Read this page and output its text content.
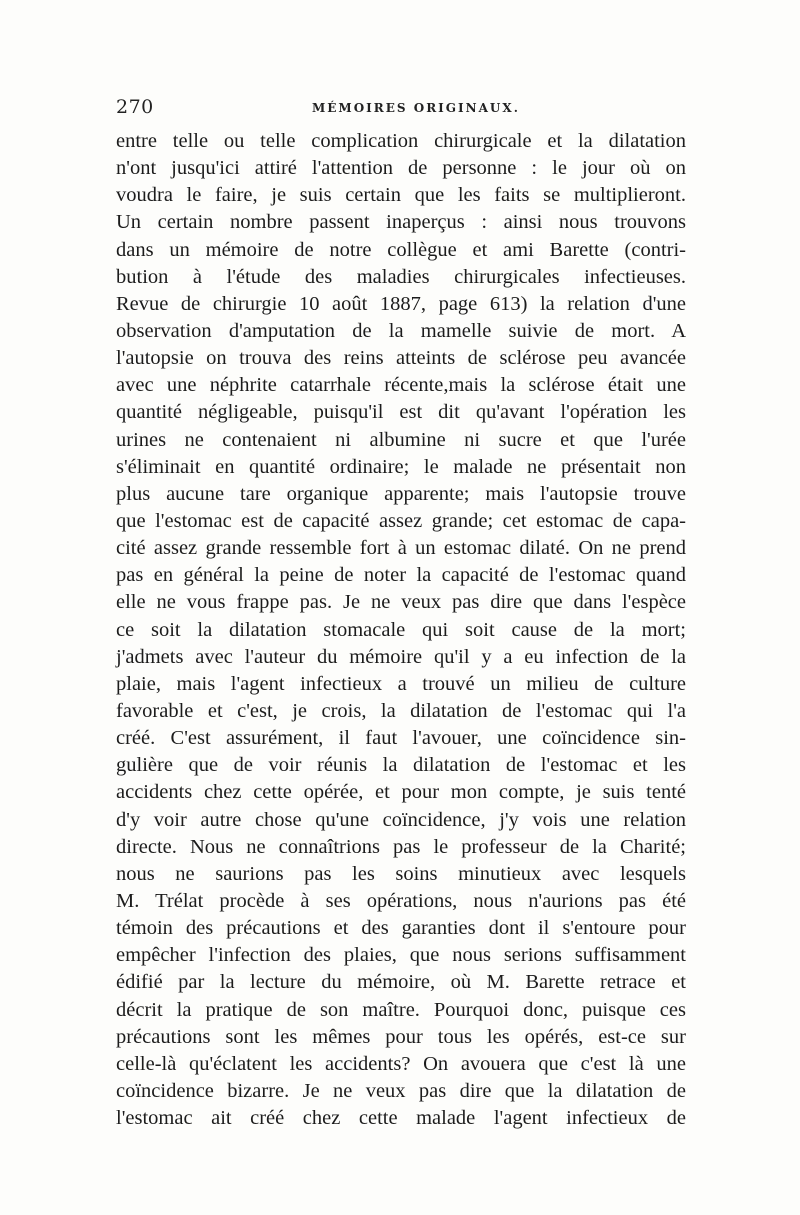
270	MÉMOIRES ORIGINAUX.
entre telle ou telle complication chirurgicale et la dilatation
n'ont jusqu'ici attiré l'attention de personne : le jour où on
voudra le faire, je suis certain que les faits se multiplieront.
Un certain nombre passent inaperçus : ainsi nous trouvons
dans un mémoire de notre collègue et ami Barette (contri-
bution à l'étude des maladies chirurgicales infectieuses.
Revue de chirurgie 10 août 1887, page 613) la relation d'une
observation d'amputation de la mamelle suivie de mort. A
l'autopsie on trouva des reins atteints de sclérose peu avancée
avec une néphrite catarrhale récente,mais la sclérose était une
quantité négligeable, puisqu'il est dit qu'avant l'opération les
urines ne contenaient ni albumine ni sucre et que l'urée
s'éliminait en quantité ordinaire; le malade ne présentait non
plus aucune tare organique apparente; mais l'autopsie trouve
que l'estomac est de capacité assez grande; cet estomac de capa-
cité assez grande ressemble fort à un estomac dilaté. On ne prend
pas en général la peine de noter la capacité de l'estomac quand
elle ne vous frappe pas. Je ne veux pas dire que dans l'espèce
ce soit la dilatation stomacale qui soit cause de la mort;
j'admets avec l'auteur du mémoire qu'il y a eu infection de la
plaie, mais l'agent infectieux a trouvé un milieu de culture
favorable et c'est, je crois, la dilatation de l'estomac qui l'a
créé. C'est assurément, il faut l'avouer, une coïncidence sin-
gulière que de voir réunis la dilatation de l'estomac et les
accidents chez cette opérée, et pour mon compte, je suis tenté
d'y voir autre chose qu'une coïncidence, j'y vois une relation
directe. Nous ne connaîtrions pas le professeur de la Charité;
nous ne saurions pas les soins minutieux avec lesquels
M. Trélat procède à ses opérations, nous n'aurions pas été
témoin des précautions et des garanties dont il s'entoure pour
empêcher l'infection des plaies, que nous serions suffisamment
édifié par la lecture du mémoire, où M. Barette retrace et
décrit la pratique de son maître. Pourquoi donc, puisque ces
précautions sont les mêmes pour tous les opérés, est-ce sur
celle-là qu'éclatent les accidents? On avouera que c'est là une
coïncidence bizarre. Je ne veux pas dire que la dilatation de
l'estomac ait créé chez cette malade l'agent infectieux de
